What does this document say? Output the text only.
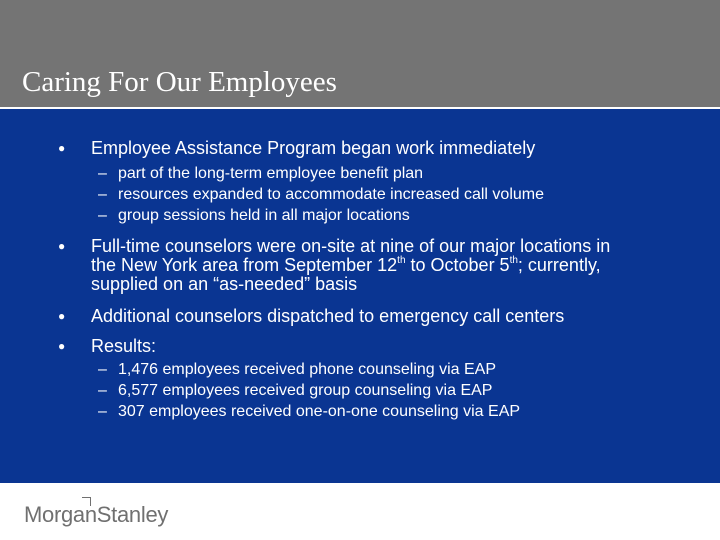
Caring For Our Employees
● Employee Assistance Program began work immediately
– part of the long-term employee benefit plan
– resources expanded to accommodate increased call volume
– group sessions held in all major locations
● Full-time counselors were on-site at nine of our major locations in
the New York area from September 12th to October 5th; currently,
supplied on an “as-needed” basis
● Additional counselors dispatched to emergency call centers
● Results:
– 1,476 employees received phone counseling via EAP
– 6,577 employees received group counseling via EAP
– 307 employees received one-on-one counseling via EAP
MorganStanley
